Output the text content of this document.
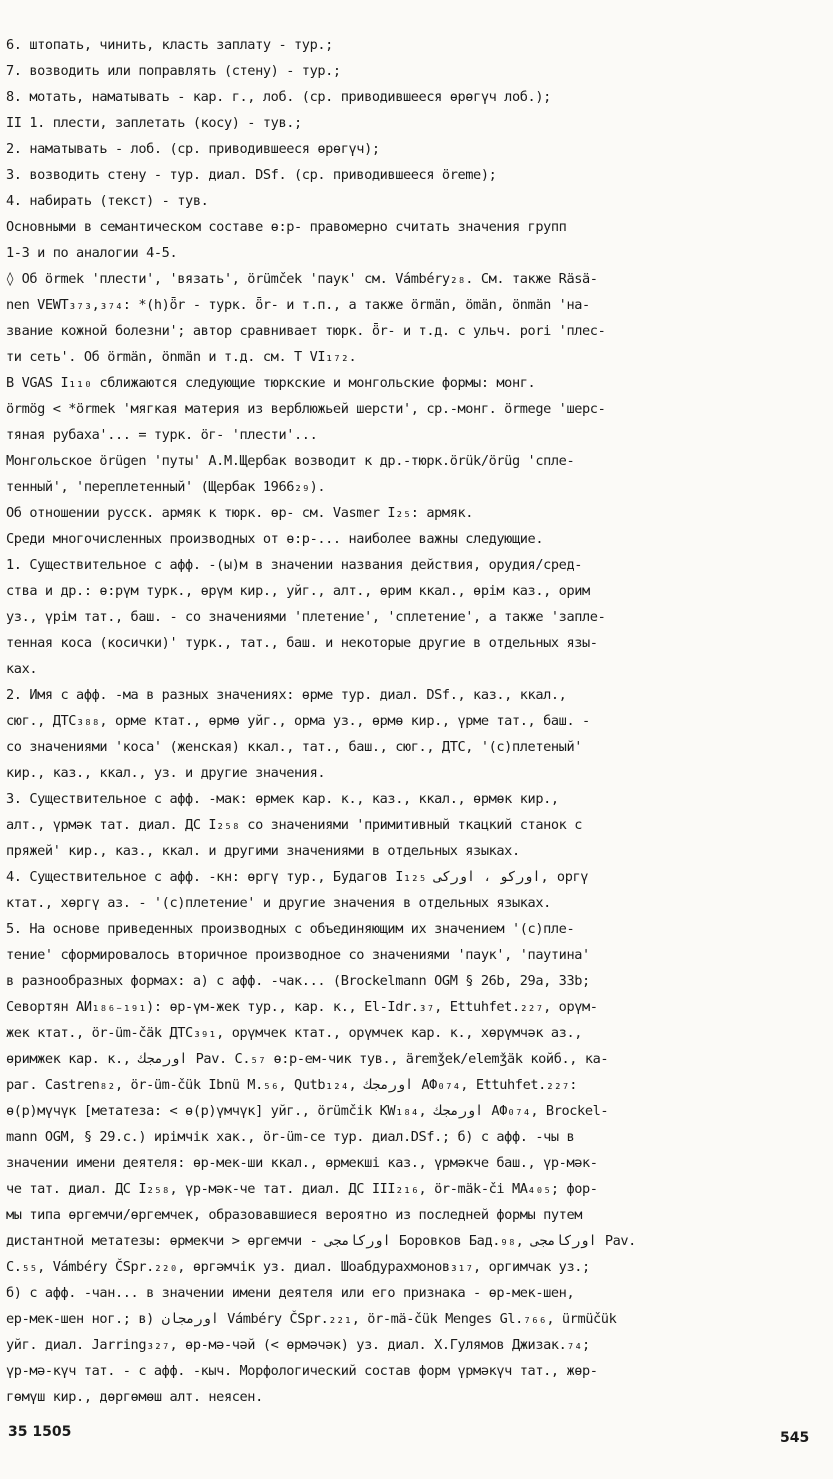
6. штопать, чинить, класть заплату - тур.;
7. возводить или поправлять (стену) - тур.;
8. мотать, наматывать - кар. г., лоб. (ср. приводившееся өрөгүч лоб.);
II 1. плести, заплетать (косу) - тув.;
2. наматывать - лоб. (ср. приводившееся өрөгүч);
3. возводить стену - тур. диал. DSf. (ср. приводившееся öreme);
4. набирать (текст) - тув.
Основными в семантическом составе ө:р- правомерно считать значения групп
1-3 и по аналогии 4-5.
◊ Об örmek 'плести', 'вязать', örümček 'паук' см. Vámbéry₂₈. См. также Räsä-
nen VEWT₃₇₃,₃₇₄: *(h)ȫr - турк. ȫr- и т.п., а также örmän, ömän, önmän 'на-
звание кожной болезни'; автор сравнивает тюрк. ȫr- и т.д. с ульч. pori 'плес-
ти сеть'. Об örmän, önmän и т.д. см. Т VI₁₇₂.
В VGAS I₁₁₀ сближаются следующие тюркские и монгольские формы: монг.
örmög < *örmek 'мягкая материя из верблюжьей шерсти', ср.-монг. örmege 'шерс-
тяная рубаха'... = турк. öг- 'плести'...
Монгольское örügen 'путы' А.М.Щербак возводит к др.-тюрк.örük/örüg 'спле-
тенный', 'переплетенный' (Щербак 1966₂₉).
Об отношении русск. армяк к тюрк. өр- см. Vasmer I₂₅: армяк.
Среди многочисленных производных от ө:р-... наиболее важны следующие.
1. Существительное с афф. -(ы)м в значении названия действия, орудия/сред-
ства и др.: ө:рүм турк., өрүм кир., уйг., алт., өрим ккал., өрім каз., орим
уз., үрім тат., баш. - со значениями 'плетение', 'сплетение', а также 'запле-
тенная коса (косички)' турк., тат., баш. и некоторые другие в отдельных язы-
ках.
2. Имя с афф. -ма в разных значениях: өрме тур. диал. DSf., каз., ккал.,
сюг., ДТС₃₈₈, орме ктат., өрмө уйг., орма уз., өрмө кир., үрме тат., баш. -
со значениями 'коса' (женская) ккал., тат., баш., сюг., ДТС, '(с)плетеный'
кир., каз., ккал., уз. и другие значения.
3. Существительное с афф. -мак: өрмек кар. к., каз., ккал., өрмөк кир.,
алт., үрмәк тат. диал. ДС I₂₅₈ со значениями 'примитивный ткацкий станок с
пряжей' кир., каз., ккал. и другими значениями в отдельных языках.
4. Существительное с афф. -кн: өргү тур., Будагов I₁₂₅ اورکو ، اورکی, оргү
ктат., хөргү аз. - '(с)плетение' и другие значения в отдельных языках.
5. На основе приведенных производных с объединяющим их значением '(с)пле-
тение' сформировалось вторичное производное со значениями 'паук', 'паутина'
в разнообразных формах: а) с афф. -чак... (Brockelmann OGM § 26b, 29a, 33b;
Севортян АИ₁₈₆₋₁₉₁): өр-үм-жек тур., кар. к., El-Idr.₃₇, Ettuhfet.₂₂₇, орүм-
жек ктат., ör-üm-čäk ДТС₃₉₁, орүмчек ктат., орүмчек кар. к., хөрүмчәк аз.,
өримжек кар. к., اورمجك Pav. C.₅₇ ө:р-ем-чик тув., ärеmǯek/elemǯäk койб., ка-
раг. Castren₈₂, ör-üm-čük Ibnü M.₅₆, Qutb₁₂₄, اورمجك АФ₀₇₄, Ettuhfet.₂₂₇:
ө(р)мүчүк [метатеза: < ө(р)үмчүк] уйг., örümčik KW₁₈₄, اورمجك АФ₀₇₄, Brockel-
mann OGM, § 29.c.) ирімчік хак., ör-üm-ce тур. диал.DSf.; б) с афф. -чы в
значении имени деятеля: өр-мек-ши ккал., өрмекші каз., үрмәкче баш., үр-мәк-
че тат. диал. ДС I₂₅₈, үр-мәк-че тат. диал. ДС III₂₁₆, ör-mäk-či MA₄₀₅; фор-
мы типа өргемчи/өргемчек, образовавшиеся вероятно из последней формы путем
дистантной метатезы: өрмекчи > өргемчи - اورکامجی Боровков Бад.₉₈, اورکامجی Pav.
C.₅₅, Vámbéry ČSpr.₂₂₀, өргәмчік уз. диал. Шоабдурахмонов₃₁₇, оргимчак уз.;
б) с афф. -чан... в значении имени деятеля или его признака - өр-мек-шен,
ер-мек-шен ног.; в) اورمجان Vámbéry ČSpr.₂₂₁, ör-mä-čük Menges Gl.₇₆₆, ürmüčük
уйг. диал. Jarring₃₂₇, өр-мә-чәй (< өрмәчәк) уз. диал. Х.Гулямов Джизак.₇₄;
үр-мә-күч тат. - с афф. -кыч. Морфологический состав форм үрмәкүч тат., жөр-
гөмүш кир., дөргөмөш алт. неясен.
35 1505	545
